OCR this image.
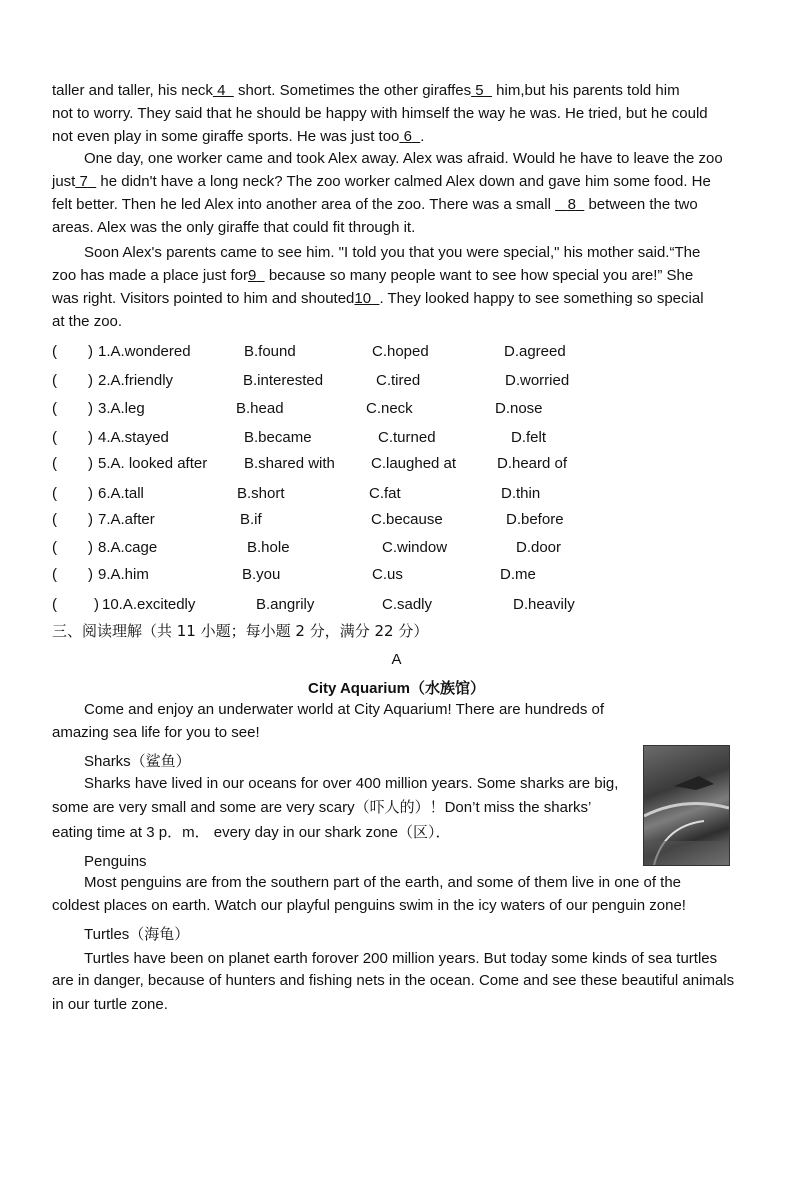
taller and taller, his neck 4 short. Sometimes the other giraffes 5 him,but his parents told him
not to worry. They said that he should be happy with himself the way he was. He tried, but he could
not even play in some giraffe sports. He was just too 6 .
One day, one worker came and took Alex away. Alex was afraid. Would he have to leave the zoo
just 7 he didn't have a long neck? The zoo worker calmed Alex down and gave him some food. He
felt better. Then he led Alex into another area of the zoo. There was a small 8 between the two
areas. Alex was the only giraffe that could fit through it.
Soon Alex's parents came to see him. "I told you that you were special," his mother said.“The
zoo has made a place just for9 because so many people want to see how special you are!” She
was right. Visitors pointed to him and shouted10 . They looked happy to see something so special
at the zoo.
( ) 1.A.wondered	B.found	C.hoped	D.agreed
( ) 2.A.friendly	B.interested	C.tired	D.worried
( ) 3.A.leg	B.head	C.neck	D.nose
( ) 4.A.stayed	B.became	C.turned	D.felt
( ) 5.A. looked after B.shared with C.laughed at	D.heard of
( ) 6.A.tall	B.short	C.fat	D.thin
( ) 7.A.after	B.if	C.because	D.before
( ) 8.A.cage	B.hole	C.window	D.door
( ) 9.A.him	B.you	C.us	D.me
( ) 10.A.excitedly	B.angrily	C.sadly	D.heavily
三、阅读理解（共 11 小题；每小题 2 分，满分 22 分）
A
City Aquarium（水族馆）
Come and enjoy an underwater world at City Aquarium! There are hundreds of
amazing sea life for you to see!
Sharks（鲨鱼）
Sharks have lived in our oceans for over 400 million years. Some sharks are big,
some are very small and some are very scary（吓人的）！Don’t miss the sharks’
eating time at 3 p．m． every day in our shark zone（区）．
Penguins
Most penguins are from the southern part of the earth, and some of them live in one of the
coldest places on earth. Watch our playful penguins swim in the icy waters of our penguin zone!
Turtles（海龟）
Turtles have been on planet earth forover 200 million years. But today some kinds of sea turtles
are in danger, because of hunters and fishing nets in the ocean. Come and see these beautiful animals
in our turtle zone.
